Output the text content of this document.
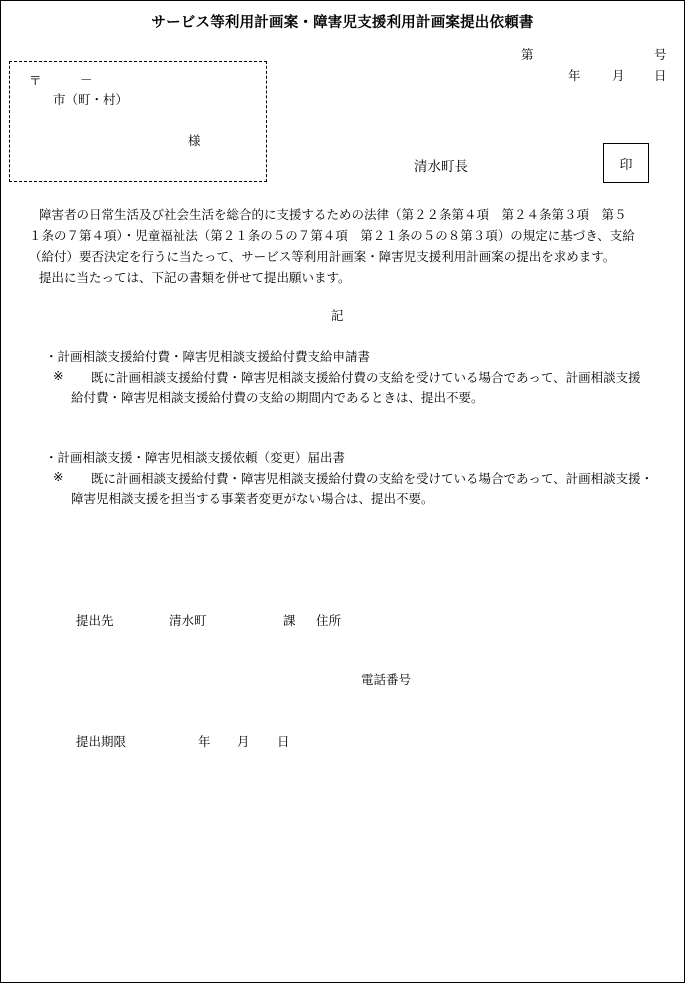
サービス等利用計画案・障害児支援利用計画案提出依頼書
第	号
年	月 日
〒	－
市（町・村）
様
清水町長	印
障害者の日常生活及び社会生活を総合的に支援するための法律（第２２条第４項　第２４条第３項　第５
１条の７第４項）・児童福祉法（第２１条の５の７第４項　第２１条の５の８第３項）の規定に基づき、支給
（給付）要否決定を行うに当たって、サービス等利用計画案・障害児支援利用計画案の提出を求めます。
提出に当たっては、下記の書類を併せて提出願います。
記
・計画相談支援給付費・障害児相談支援給付費支給申請書
※ 既に計画相談支援給付費・障害児相談支援給付費の支給を受けている場合であって、計画相談支援
給付費・障害児相談支援給付費の支給の期間内であるときは、提出不要。
・計画相談支援・障害児相談支援依頼（変更）届出書
※ 既に計画相談支援給付費・障害児相談支援給付費の支給を受けている場合であって、計画相談支援・
障害児相談支援を担当する事業者変更がない場合は、提出不要。
提出先	清水町	課 住所
電話番号
提出期限	年 月 日
